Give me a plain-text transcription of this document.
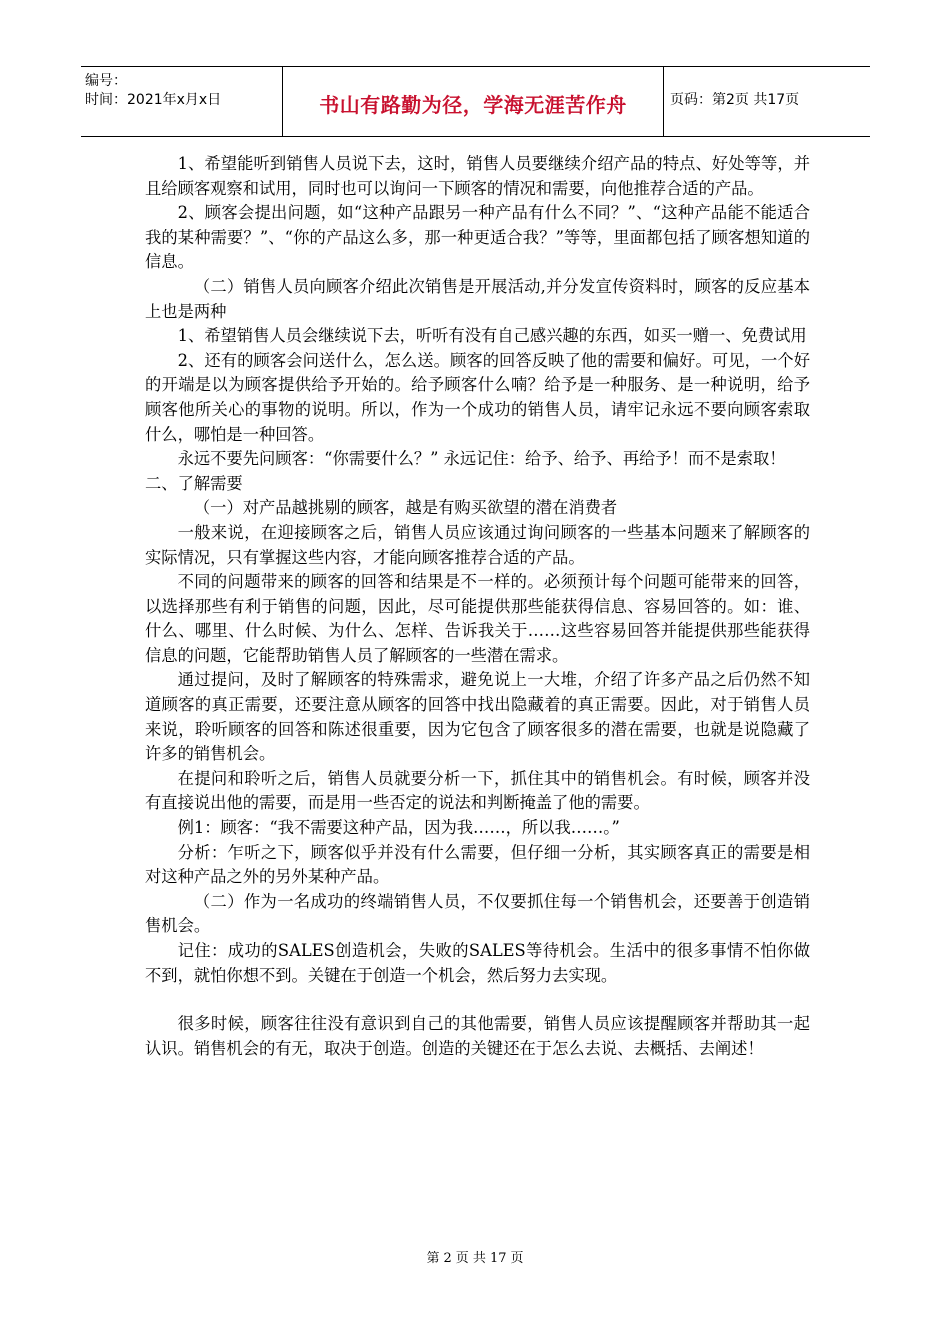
编号：
时间：2021年x月x日	书山有路勤为径，学海无涯苦作舟	页码：第2页 共17页

1、希望能听到销售人员说下去，这时，销售人员要继续介绍产品的特点、好处等等，并且给顾客观察和试用，同时也可以询问一下顾客的情况和需要，向他推荐合适的产品。

2、顾客会提出问题，如“这种产品跟另一种产品有什么不同？”、“这种产品能不能适合我的某种需要？”、“你的产品这么多，那一种更适合我？”等等，里面都包括了顾客想知道的信息。

（二）销售人员向顾客介绍此次销售是开展活动,并分发宣传资料时，顾客的反应基本上也是两种

1、希望销售人员会继续说下去，听听有没有自己感兴趣的东西，如买一赠一、免费试用

2、还有的顾客会问送什么，怎么送。顾客的回答反映了他的需要和偏好。可见，一个好的开端是以为顾客提供给予开始的。给予顾客什么喃？给予是一种服务、是一种说明，给予顾客他所关心的事物的说明。所以，作为一个成功的销售人员，请牢记永远不要向顾客索取什么，哪怕是一种回答。

永远不要先问顾客：“你需要什么？” 永远记住：给予、给予、再给予！而不是索取！

二、了解需要

（一）对产品越挑剔的顾客，越是有购买欲望的潜在消费者

一般来说，在迎接顾客之后，销售人员应该通过询问顾客的一些基本问题来了解顾客的实际情况，只有掌握这些内容，才能向顾客推荐合适的产品。

不同的问题带来的顾客的回答和结果是不一样的。必须预计每个问题可能带来的回答，以选择那些有利于销售的问题，因此，尽可能提供那些能获得信息、容易回答的。如：谁、什么、哪里、什么时候、为什么、怎样、告诉我关于……这些容易回答并能提供那些能获得信息的问题，它能帮助销售人员了解顾客的一些潜在需求。

通过提问，及时了解顾客的特殊需求，避免说上一大堆，介绍了许多产品之后仍然不知道顾客的真正需要，还要注意从顾客的回答中找出隐藏着的真正需要。因此，对于销售人员来说，聆听顾客的回答和陈述很重要，因为它包含了顾客很多的潜在需要，也就是说隐藏了许多的销售机会。

在提问和聆听之后，销售人员就要分析一下，抓住其中的销售机会。有时候，顾客并没有直接说出他的需要，而是用一些否定的说法和判断掩盖了他的需要。

例1：顾客：“我不需要这种产品，因为我……，所以我……。”

分析：乍听之下，顾客似乎并没有什么需要，但仔细一分析，其实顾客真正的需要是相对这种产品之外的另外某种产品。

（二）作为一名成功的终端销售人员，不仅要抓住每一个销售机会，还要善于创造销售机会。

记住：成功的SALES创造机会，失败的SALES等待机会。生活中的很多事情不怕你做不到，就怕你想不到。关键在于创造一个机会，然后努力去实现。

很多时候，顾客往往没有意识到自己的其他需要，销售人员应该提醒顾客并帮助其一起认识。销售机会的有无，取决于创造。创造的关键还在于怎么去说、去概括、去阐述！

第 2 页 共 17 页
